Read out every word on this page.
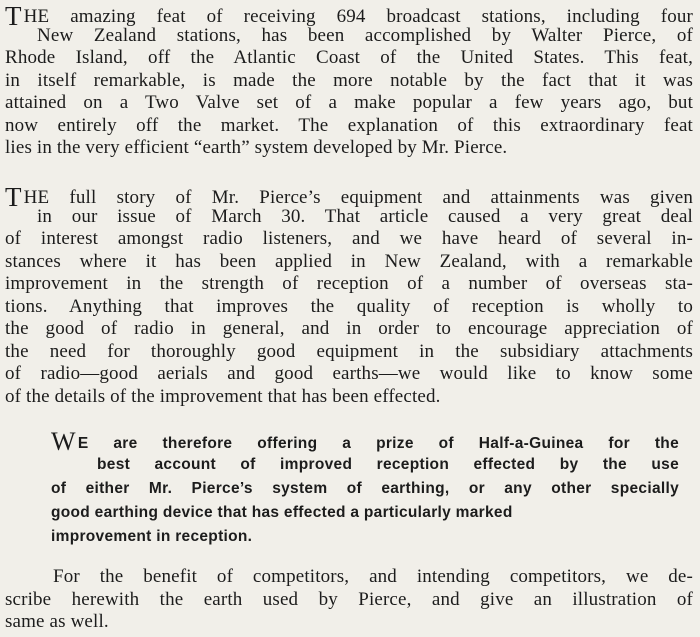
T HE amazing feat of receiving 694 broadcast stations, including four
New Zealand stations, has been accomplished by Walter Pierce, of
Rhode Island, off the Atlantic Coast of the United States. This feat,
in itself remarkable, is made the more notable by the fact that it was
attained on a Two Valve set of a make popular a few years ago, but
now entirely off the market. The explanation of this extraordinary feat
lies in the very efficient “earth” system developed by Mr. Pierce.
T HE full story of Mr. Pierce’s equipment and attainments was given
in our issue of March 30. That article caused a very great deal
of interest amongst radio listeners, and we have heard of several in-
stances where it has been applied in New Zealand, with a remarkable
improvement in the strength of reception of a number of overseas sta-
tions. Anything that improves the quality of reception is wholly to
the good of radio in general, and in order to encourage appreciation of
the need for thoroughly good equipment in the subsidiary attachments
of radio—good aerials and good earths—we would like to know some
of the details of the improvement that has been effected.
W E are therefore offering a prize of Half-a-Guinea for the
best account of improved reception effected by the use
of either Mr. Pierce’s system of earthing, or any other specially
good earthing device that has effected a particularly marked
improvement in reception.
For the benefit of competitors, and intending competitors, we de-
scribe herewith the earth used by Pierce, and give an illustration of
same as well.
